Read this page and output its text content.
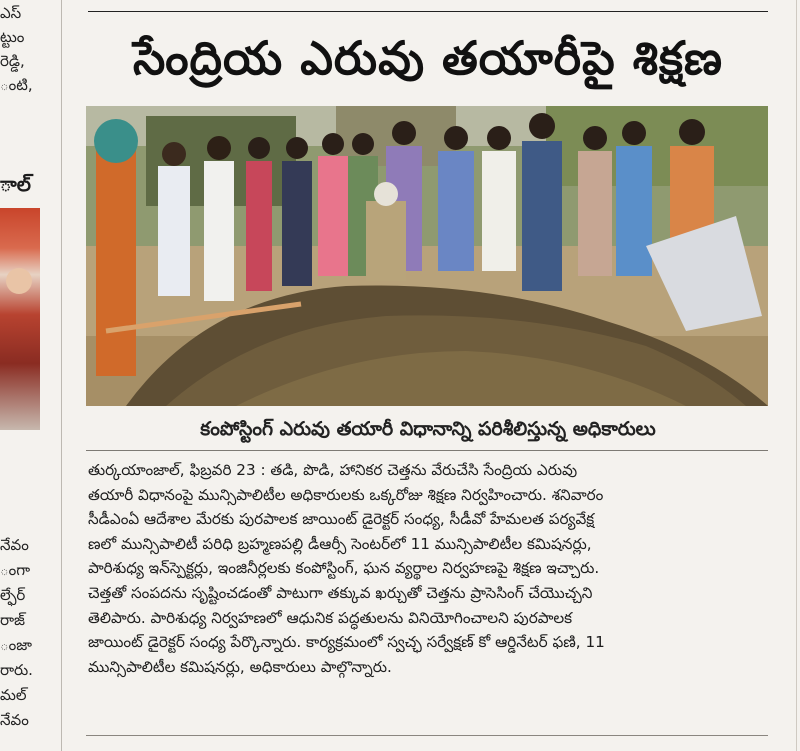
ఎస్
ట్టుం
రెడ్డి,
ంటి,
ాల్
నేవం
ంగా
ల్ఫేర్
రాజ్
ంజా
రారు.
మల్
నేవం
సేంద్రియ ఎరువు తయారీపై శిక్షణ
కంపోస్టింగ్ ఎరువు తయారీ విధానాన్ని పరిశీలిస్తున్న అధికారులు

తుర్కయాంజాల్, ఫిబ్రవరి 23 : తడి, పొడి, హానికర చెత్తను వేరుచేసి సేంద్రియ ఎరువు

తయారీ విధానంపై మున్సిపాలిటీల అధికారులకు ఒక్కరోజు శిక్షణ నిర్వహించారు. శనివారం

సీడీఎంఏ ఆదేశాల మేరకు పురపాలక జాయింట్ డైరెక్టర్ సంధ్య, సీడీవో హేమలత పర్యవేక్ష

ణలో మున్సిపాలిటీ పరిధి బ్రహ్మణపల్లి డీఆర్సీ సెంటర్‌లో 11 మున్సిపాలిటీల కమిషనర్లు,

పారిశుధ్య ఇన్‌స్పెక్టర్లు, ఇంజినీర్లలకు కంపోస్టింగ్, ఘన వ్యర్థాల నిర్వహణపై శిక్షణ ఇచ్చారు.

చెత్తతో సంపదను సృష్టించడంతో పాటుగా తక్కువ ఖర్చుతో చెత్తను ప్రాసెసింగ్ చేయొచ్చని

తెలిపారు. పారిశుధ్య నిర్వహణలో ఆధునిక పద్ధతులను వినియోగించాలని పురపాలక

జాయింట్ డైరెక్టర్ సంధ్య పేర్కొన్నారు. కార్యక్రమంలో స్వచ్ఛ సర్వేక్షణ్ కో ఆర్డినేటర్ ఫణి, 11

మున్సిపాలిటీల కమిషనర్లు, అధికారులు పాల్గొన్నారు.
